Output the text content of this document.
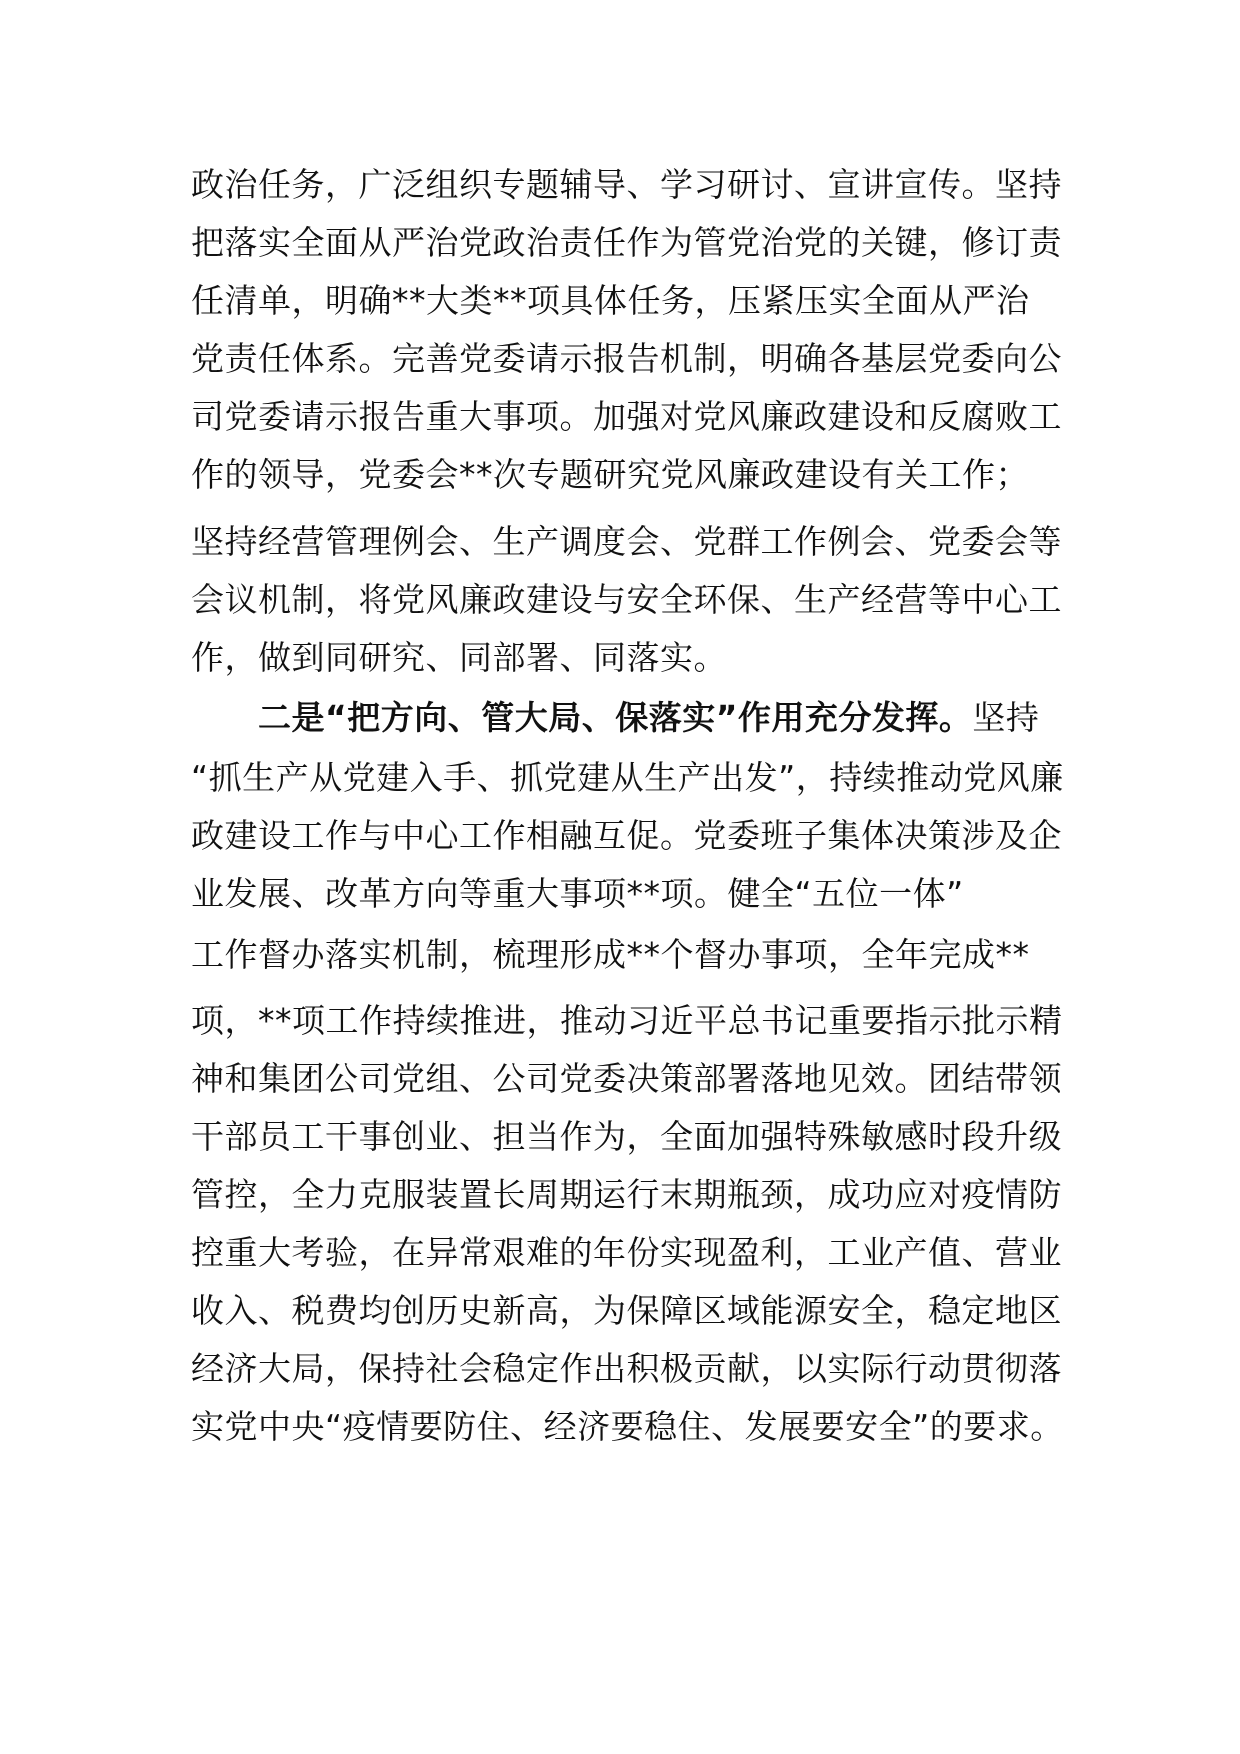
政治任务，广泛组织专题辅导、学习研讨、宣讲宣传。坚持
把落实全面从严治党政治责任作为管党治党的关键，修订责
任清单，明确**大类**项具体任务，压紧压实全面从严治
党责任体系。完善党委请示报告机制，明确各基层党委向公
司党委请示报告重大事项。加强对党风廉政建设和反腐败工
作的领导，党委会**次专题研究党风廉政建设有关工作；
坚持经营管理例会、生产调度会、党群工作例会、党委会等
会议机制，将党风廉政建设与安全环保、生产经营等中心工
作，做到同研究、同部署、同落实。
二是“把方向、管大局、保落实”作用充分发挥。坚持
“抓生产从党建入手、抓党建从生产出发”，持续推动党风廉
政建设工作与中心工作相融互促。党委班子集体决策涉及企
业发展、改革方向等重大事项**项。健全“五位一体”
工作督办落实机制，梳理形成**个督办事项，全年完成**
项，**项工作持续推进，推动习近平总书记重要指示批示精
神和集团公司党组、公司党委决策部署落地见效。团结带领
干部员工干事创业、担当作为，全面加强特殊敏感时段升级
管控，全力克服装置长周期运行末期瓶颈，成功应对疫情防
控重大考验，在异常艰难的年份实现盈利，工业产值、营业
收入、税费均创历史新高，为保障区域能源安全，稳定地区
经济大局，保持社会稳定作出积极贡献，以实际行动贯彻落
实党中央“疫情要防住、经济要稳住、发展要安全”的要求。
